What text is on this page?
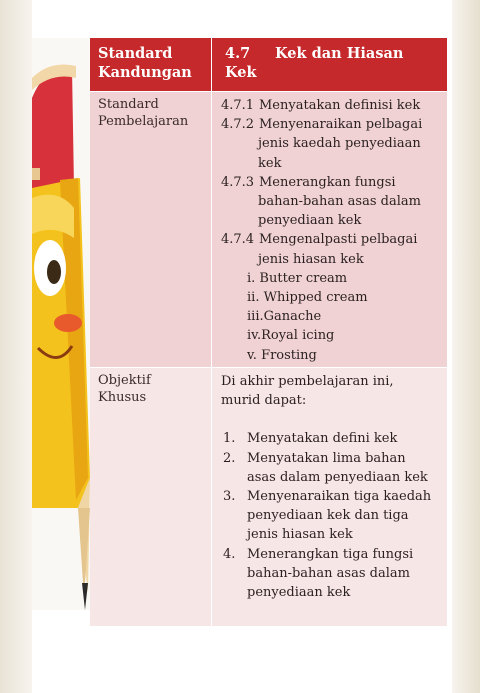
Standard Kandungan
4.7 Kek dan Hiasan Kek
Standard Pembelajaran
4.7.1 Menyatakan definisi kek
4.7.2 Menyenaraikan pelbagai
jenis kaedah penyediaan
kek
4.7.3 Menerangkan fungsi
bahan-bahan asas dalam
penyediaan kek
4.7.4 Mengenalpasti pelbagai
jenis hiasan kek
i. Butter cream
ii. Whipped cream
iii.Ganache
iv.Royal icing
v. Frosting
Objektif Khusus
Di akhir pembelajaran ini,
murid dapat:
1. Menyatakan defini kek
2. Menyatakan lima bahan
asas dalam penyediaan kek
3. Menyenaraikan tiga kaedah
penyediaan kek dan tiga
jenis hiasan kek
4. Menerangkan tiga fungsi
bahan-bahan asas dalam
penyediaan kek
